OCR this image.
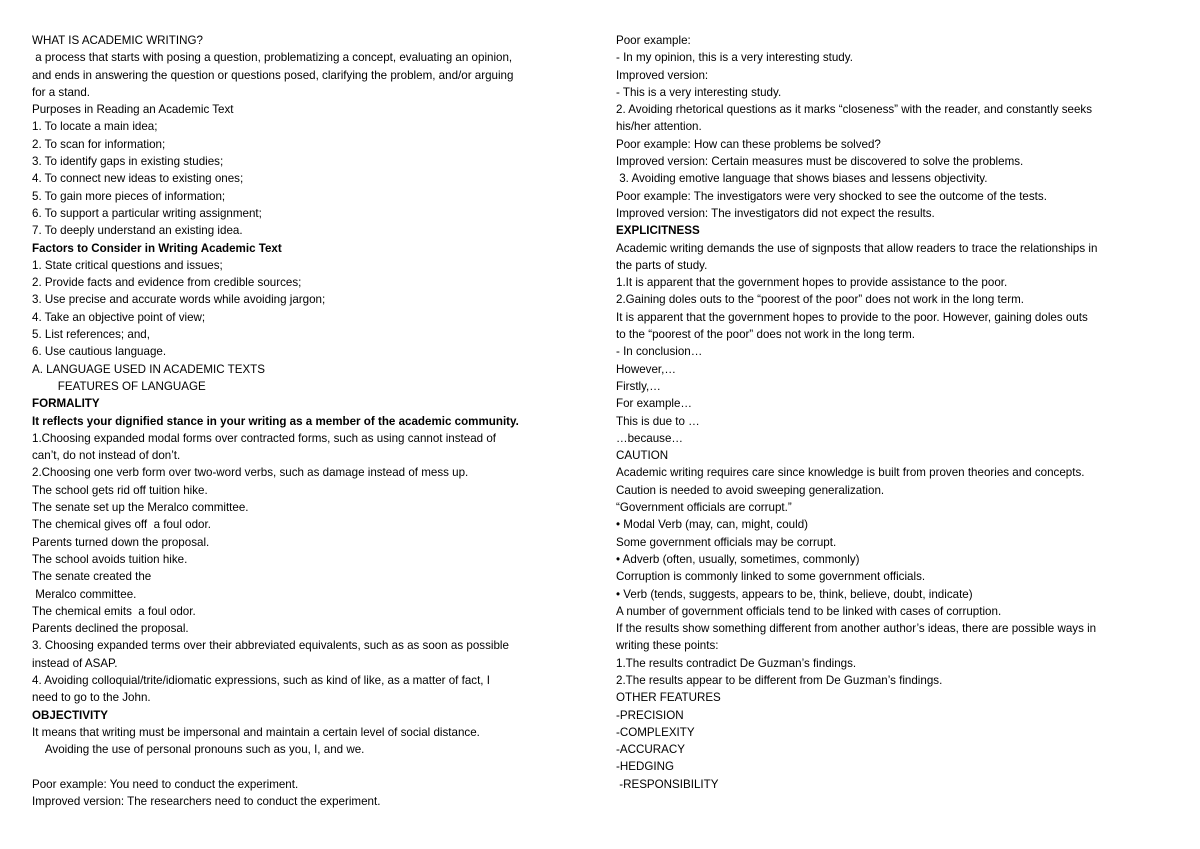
WHAT IS ACADEMIC WRITING?

a process that starts with posing a question, problematizing a concept, evaluating an opinion,

and ends in answering the question or questions posed, clarifying the problem, and/or arguing

for a stand.

Purposes in Reading an Academic Text

1. To locate a main idea;

2. To scan for information;

3. To identify gaps in existing studies;

4. To connect new ideas to existing ones;

5. To gain more pieces of information;

6. To support a particular writing assignment;

7. To deeply understand an existing idea.

Factors to Consider in Writing Academic Text

1. State critical questions and issues;

2. Provide facts and evidence from credible sources;

3. Use precise and accurate words while avoiding jargon;

4. Take an objective point of view;

5. List references; and,

6. Use cautious language.

A. LANGUAGE USED IN ACADEMIC TEXTS

FEATURES OF LANGUAGE

FORMALITY

It reflects your dignified stance in your writing as a member of the academic community.

1.Choosing expanded modal forms over contracted forms, such as using cannot instead of

can’t, do not instead of don’t.

2.Choosing one verb form over two-word verbs, such as damage instead of mess up.

The school gets rid off tuition hike.

The senate set up the Meralco committee.

The chemical gives off  a foul odor.

Parents turned down the proposal.

The school avoids tuition hike.

The senate created the

Meralco committee.

The chemical emits  a foul odor.

Parents declined the proposal.

3. Choosing expanded terms over their abbreviated equivalents, such as as soon as possible

instead of ASAP.

4. Avoiding colloquial/trite/idiomatic expressions, such as kind of like, as a matter of fact, I

need to go to the John.

OBJECTIVITY

It means that writing must be impersonal and maintain a certain level of social distance.

Avoiding the use of personal pronouns such as you, I, and we.

Poor example: You need to conduct the experiment.

Improved version: The researchers need to conduct the experiment.

Poor example:

- In my opinion, this is a very interesting study.

Improved version:

- This is a very interesting study.

2. Avoiding rhetorical questions as it marks “closeness” with the reader, and constantly seeks

his/her attention.

Poor example: How can these problems be solved?

Improved version: Certain measures must be discovered to solve the problems.

3. Avoiding emotive language that shows biases and lessens objectivity.

Poor example: The investigators were very shocked to see the outcome of the tests.

Improved version: The investigators did not expect the results.

EXPLICITNESS

Academic writing demands the use of signposts that allow readers to trace the relationships in

the parts of study.

1.It is apparent that the government hopes to provide assistance to the poor.

2.Gaining doles outs to the “poorest of the poor” does not work in the long term.

It is apparent that the government hopes to provide to the poor. However, gaining doles outs

to the “poorest of the poor” does not work in the long term.

- In conclusion…

However,…

Firstly,…

For example…

This is due to …

…because…

CAUTION

Academic writing requires care since knowledge is built from proven theories and concepts.

Caution is needed to avoid sweeping generalization.

“Government officials are corrupt.”

• Modal Verb (may, can, might, could)

Some government officials may be corrupt.

• Adverb (often, usually, sometimes, commonly)

Corruption is commonly linked to some government officials.

• Verb (tends, suggests, appears to be, think, believe, doubt, indicate)

A number of government officials tend to be linked with cases of corruption.

If the results show something different from another author’s ideas, there are possible ways in

writing these points:

1.The results contradict De Guzman’s findings.

2.The results appear to be different from De Guzman’s findings.

OTHER FEATURES

-PRECISION

-COMPLEXITY

-ACCURACY

-HEDGING

-RESPONSIBILITY
